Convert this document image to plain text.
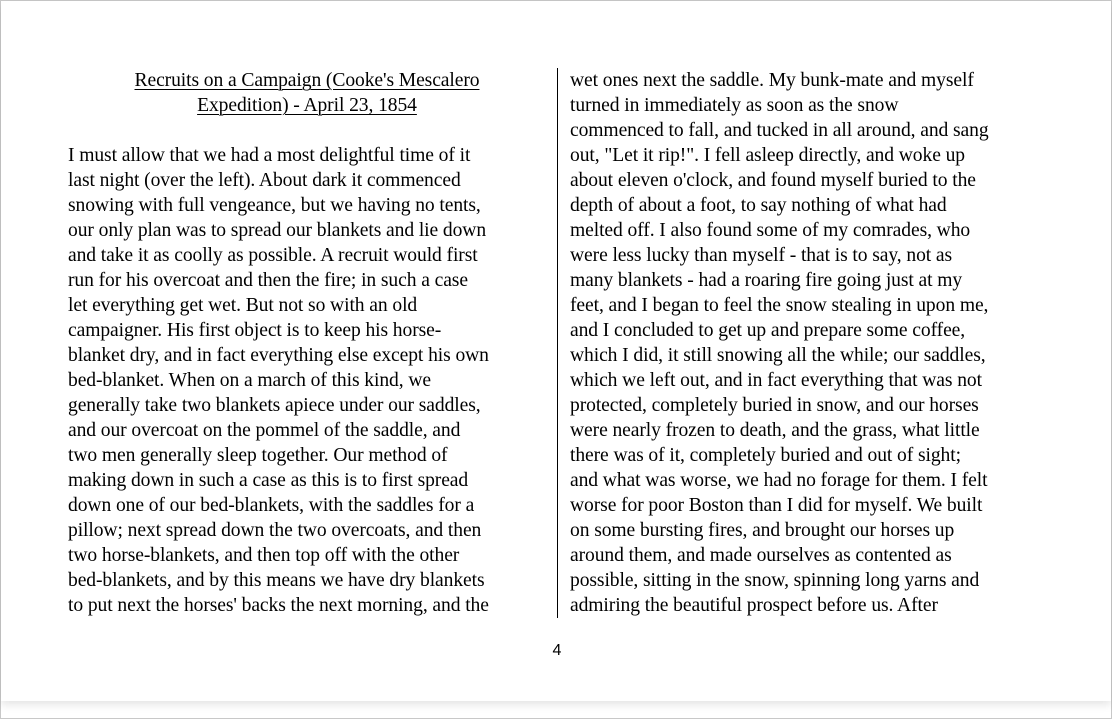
Recruits on a Campaign (Cooke's Mescalero
Expedition) - April 23, 1854
I must allow that we had a most delightful time of it
last night (over the left). About dark it commenced
snowing with full vengeance, but we having no tents,
our only plan was to spread our blankets and lie down
and take it as coolly as possible. A recruit would first
run for his overcoat and then the fire; in such a case
let everything get wet. But not so with an old
campaigner. His first object is to keep his horse-
blanket dry, and in fact everything else except his own
bed-blanket. When on a march of this kind, we
generally take two blankets apiece under our saddles,
and our overcoat on the pommel of the saddle, and
two men generally sleep together. Our method of
making down in such a case as this is to first spread
down one of our bed-blankets, with the saddles for a
pillow; next spread down the two overcoats, and then
two horse-blankets, and then top off with the other
bed-blankets, and by this means we have dry blankets
to put next the horses' backs the next morning, and the
wet ones next the saddle. My bunk-mate and myself
turned in immediately as soon as the snow
commenced to fall, and tucked in all around, and sang
out, "Let it rip!". I fell asleep directly, and woke up
about eleven o'clock, and found myself buried to the
depth of about a foot, to say nothing of what had
melted off. I also found some of my comrades, who
were less lucky than myself - that is to say, not as
many blankets - had a roaring fire going just at my
feet, and I began to feel the snow stealing in upon me,
and I concluded to get up and prepare some coffee,
which I did, it still snowing all the while; our saddles,
which we left out, and in fact everything that was not
protected, completely buried in snow, and our horses
were nearly frozen to death, and the grass, what little
there was of it, completely buried and out of sight;
and what was worse, we had no forage for them. I felt
worse for poor Boston than I did for myself. We built
on some bursting fires, and brought our horses up
around them, and made ourselves as contented as
possible, sitting in the snow, spinning long yarns and
admiring the beautiful prospect before us. After
4
